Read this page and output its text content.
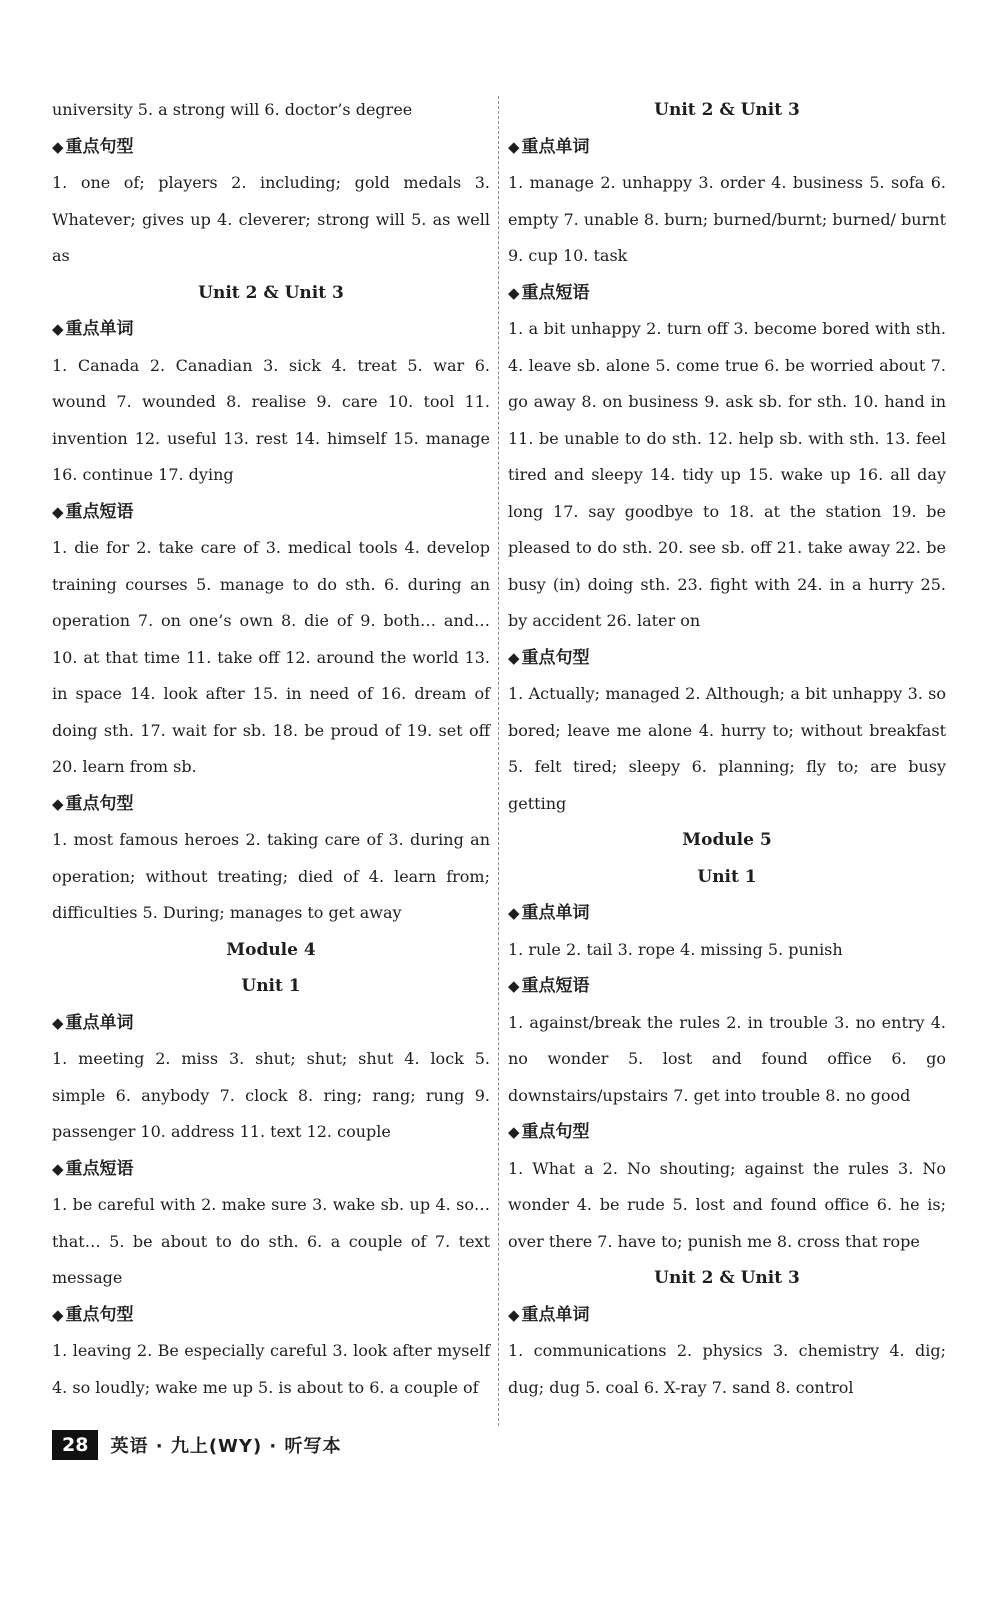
university 5. a strong will 6. doctor’s degree

◆ 重点句型

1. one of; players 2. including; gold medals 3. Whatever; gives up 4. cleverer; strong will 5. as well as

Unit 2 & Unit 3

◆ 重点单词

1. Canada 2. Canadian 3. sick 4. treat 5. war 6. wound 7. wounded 8. realise 9. care 10. tool 11. invention 12. useful 13. rest 14. himself 15. manage 16. continue 17. dying

◆ 重点短语

1. die for 2. take care of 3. medical tools 4. develop training courses 5. manage to do sth. 6. during an operation 7. on one’s own 8. die of 9. both… and… 10. at that time 11. take off 12. around the world 13. in space 14. look after 15. in need of 16. dream of doing sth. 17. wait for sb. 18. be proud of 19. set off 20. learn from sb.

◆ 重点句型

1. most famous heroes 2. taking care of 3. during an operation; without treating; died of 4. learn from; difficulties 5. During; manages to get away

Module 4

Unit 1

◆ 重点单词

1. meeting 2. miss 3. shut; shut; shut 4. lock 5. simple 6. anybody 7. clock 8. ring; rang; rung 9. passenger 10. address 11. text 12. couple

◆ 重点短语

1. be careful with 2. make sure 3. wake sb. up 4. so… that… 5. be about to do sth. 6. a couple of 7. text message

◆ 重点句型

1. leaving 2. Be especially careful 3. look after myself 4. so loudly; wake me up 5. is about to 6. a couple of

Unit 2 & Unit 3

◆ 重点单词

1. manage 2. unhappy 3. order 4. business 5. sofa 6. empty 7. unable 8. burn; burned/burnt; burned/ burnt 9. cup 10. task

◆ 重点短语

1. a bit unhappy 2. turn off 3. become bored with sth. 4. leave sb. alone 5. come true 6. be worried about 7. go away 8. on business 9. ask sb. for sth. 10. hand in 11. be unable to do sth. 12. help sb. with sth. 13. feel tired and sleepy 14. tidy up 15. wake up 16. all day long 17. say goodbye to 18. at the station 19. be pleased to do sth. 20. see sb. off 21. take away 22. be busy (in) doing sth. 23. fight with 24. in a hurry 25. by accident 26. later on

◆ 重点句型

1. Actually; managed 2. Although; a bit unhappy 3. so bored; leave me alone 4. hurry to; without breakfast 5. felt tired; sleepy 6. planning; fly to; are busy getting

Module 5

Unit 1

◆ 重点单词

1. rule 2. tail 3. rope 4. missing 5. punish

◆ 重点短语

1. against/break the rules 2. in trouble 3. no entry 4. no wonder 5. lost and found office 6. go downstairs/upstairs 7. get into trouble 8. no good

◆ 重点句型

1. What a 2. No shouting; against the rules 3. No wonder 4. be rude 5. lost and found office 6. he is; over there 7. have to; punish me 8. cross that rope

Unit 2 & Unit 3

◆ 重点单词

1. communications 2. physics 3. chemistry 4. dig; dug; dug 5. coal 6. X-ray 7. sand 8. control

28	英语 · 九上(WY) · 听写本
